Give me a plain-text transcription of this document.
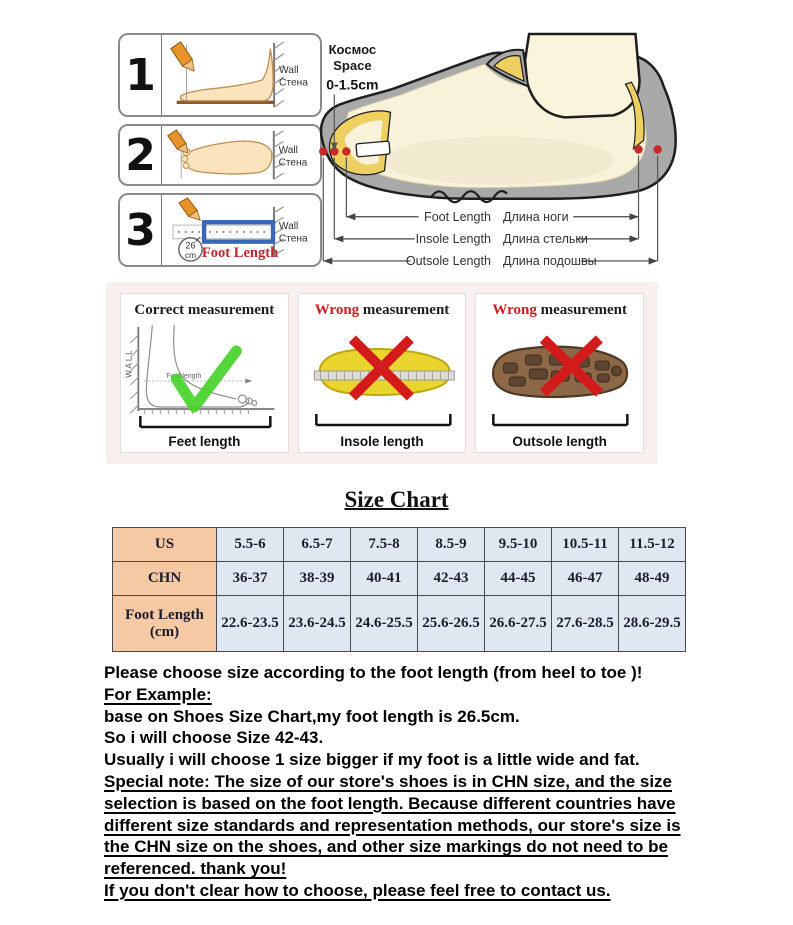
1	Wall
Стена
2	Wall
Стена
3	26
cm Foot Length
Wall
Стена
Космос
Space
0-1.5cm
Foot Length Длина ноги
Insole Length Длина стельки
Outsole Length Длина подошвы
Correct measurement
WALL	Foot length
Feet length
Wrong measurement
Insole length
Wrong measurement
Outsole length
Size Chart
US	5.5-6	6.5-7	7.5-8	8.5-9	9.5-10	10.5-11	11.5-12
CHN	36-37	38-39	40-41	42-43	44-45	46-47	48-49

Foot Length
(cm)	22.6-23.5	23.6-24.5	24.6-25.5	25.6-26.5	26.6-27.5	27.6-28.5	28.6-29.5
Please choose size according to the foot length (from heel to toe )!
For Example:
base on Shoes Size Chart,my foot length is 26.5cm.
So i will choose Size 42-43.
Usually i will choose 1 size bigger if my foot is a little wide and fat.
Special note: The size of our store's shoes is in CHN size, and the size
selection is based on the foot length. Because different countries have
different size standards and representation methods, our store's size is
the CHN size on the shoes, and other size markings do not need to be
referenced. thank you!
If you don't clear how to choose, please feel free to contact us.
